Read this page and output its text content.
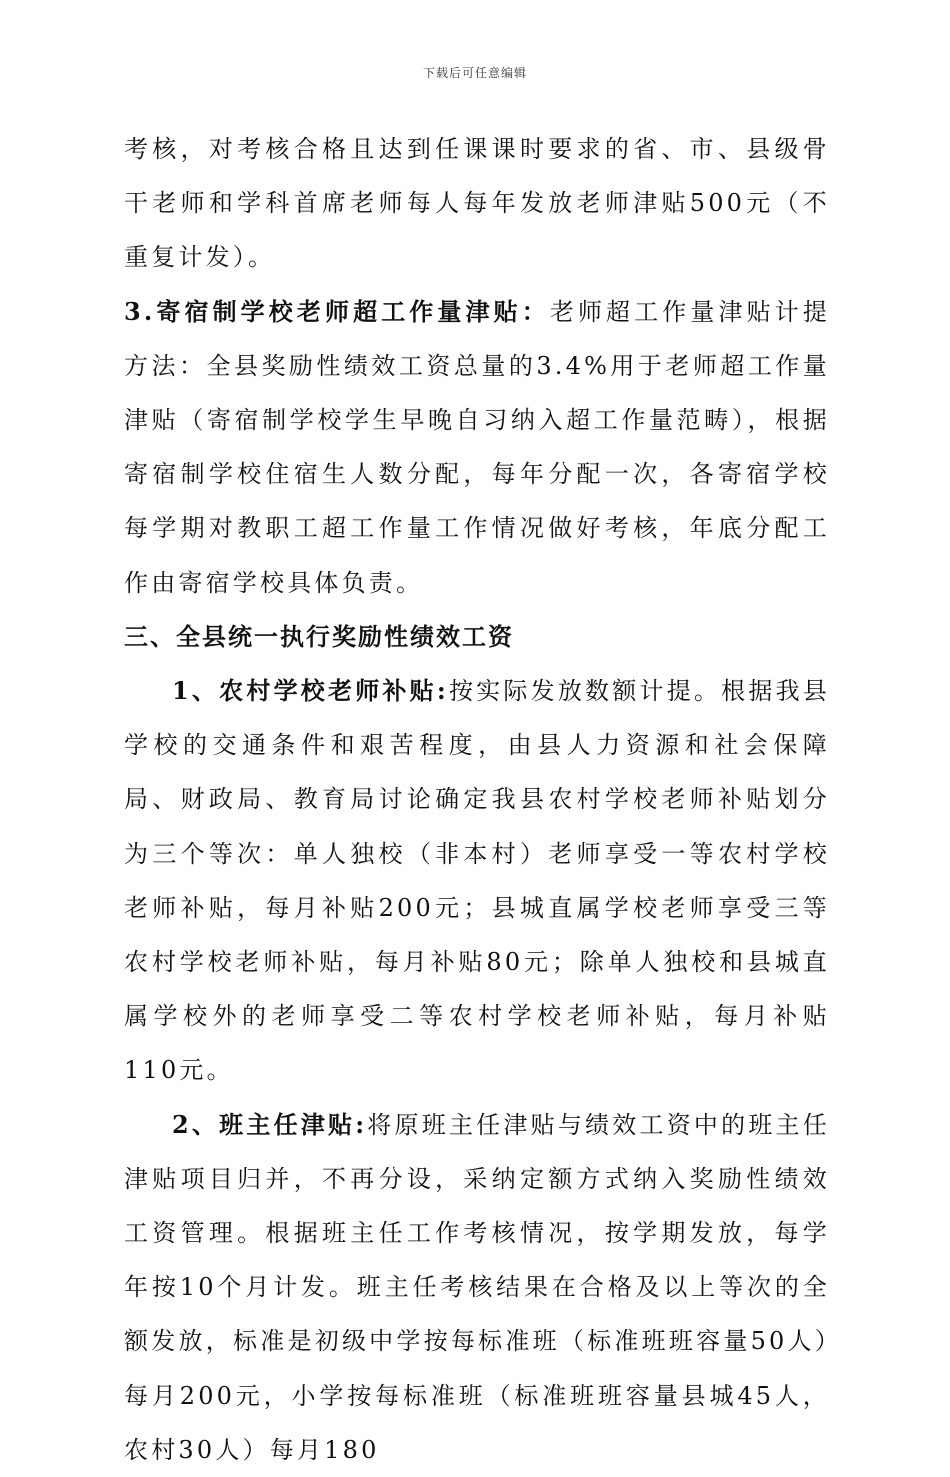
下载后可任意编辑

考核，对考核合格且达到任课课时要求的省、市、县级骨干老师和学科首席老师每人每年发放老师津贴500元（不重复计发）。

3.寄宿制学校老师超工作量津贴：老师超工作量津贴计提方法：全县奖励性绩效工资总量的3.4%用于老师超工作量津贴（寄宿制学校学生早晚自习纳入超工作量范畴），根据寄宿制学校住宿生人数分配，每年分配一次，各寄宿学校每学期对教职工超工作量工作情况做好考核，年底分配工作由寄宿学校具体负责。

三、全县统一执行奖励性绩效工资

1、农村学校老师补贴:按实际发放数额计提。根据我县学校的交通条件和艰苦程度，由县人力资源和社会保障局、财政局、教育局讨论确定我县农村学校老师补贴划分为三个等次：单人独校（非本村）老师享受一等农村学校老师补贴，每月补贴200元；县城直属学校老师享受三等农村学校老师补贴，每月补贴80元；除单人独校和县城直属学校外的老师享受二等农村学校老师补贴，每月补贴110元。

2、班主任津贴:将原班主任津贴与绩效工资中的班主任津贴项目归并，不再分设，采纳定额方式纳入奖励性绩效工资管理。根据班主任工作考核情况，按学期发放，每学年按10个月计发。班主任考核结果在合格及以上等次的全额发放，标准是初级中学按每标准班（标准班班容量50人）每月200元，小学按每标准班（标准班班容量县城45人，农村30人）每月180
